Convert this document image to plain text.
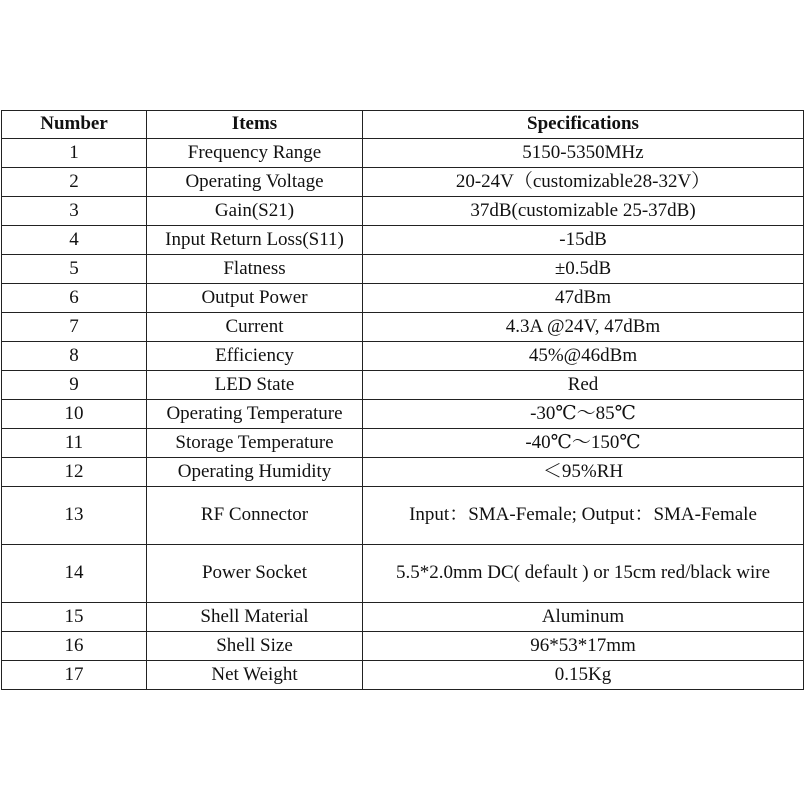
Number	Items	Specifications
1	Frequency Range	5150-5350MHz
2	Operating Voltage	20-24V（customizable28-32V）
3	Gain(S21)	37dB(customizable 25-37dB)
4	Input Return Loss(S11)	-15dB
5	Flatness	±0.5dB
6	Output Power	47dBm
7	Current	4.3A @24V, 47dBm
8	Efficiency	45%@46dBm
9	LED State	Red
10	Operating Temperature	-30℃～85℃
11	Storage Temperature	-40℃～150℃
12	Operating Humidity	＜95%RH
13	RF Connector	Input：SMA-Female; Output：SMA-Female
14	Power Socket	5.5*2.0mm DC( default ) or 15cm red/black wire
15	Shell Material	Aluminum
16	Shell Size	96*53*17mm
17	Net Weight	0.15Kg
